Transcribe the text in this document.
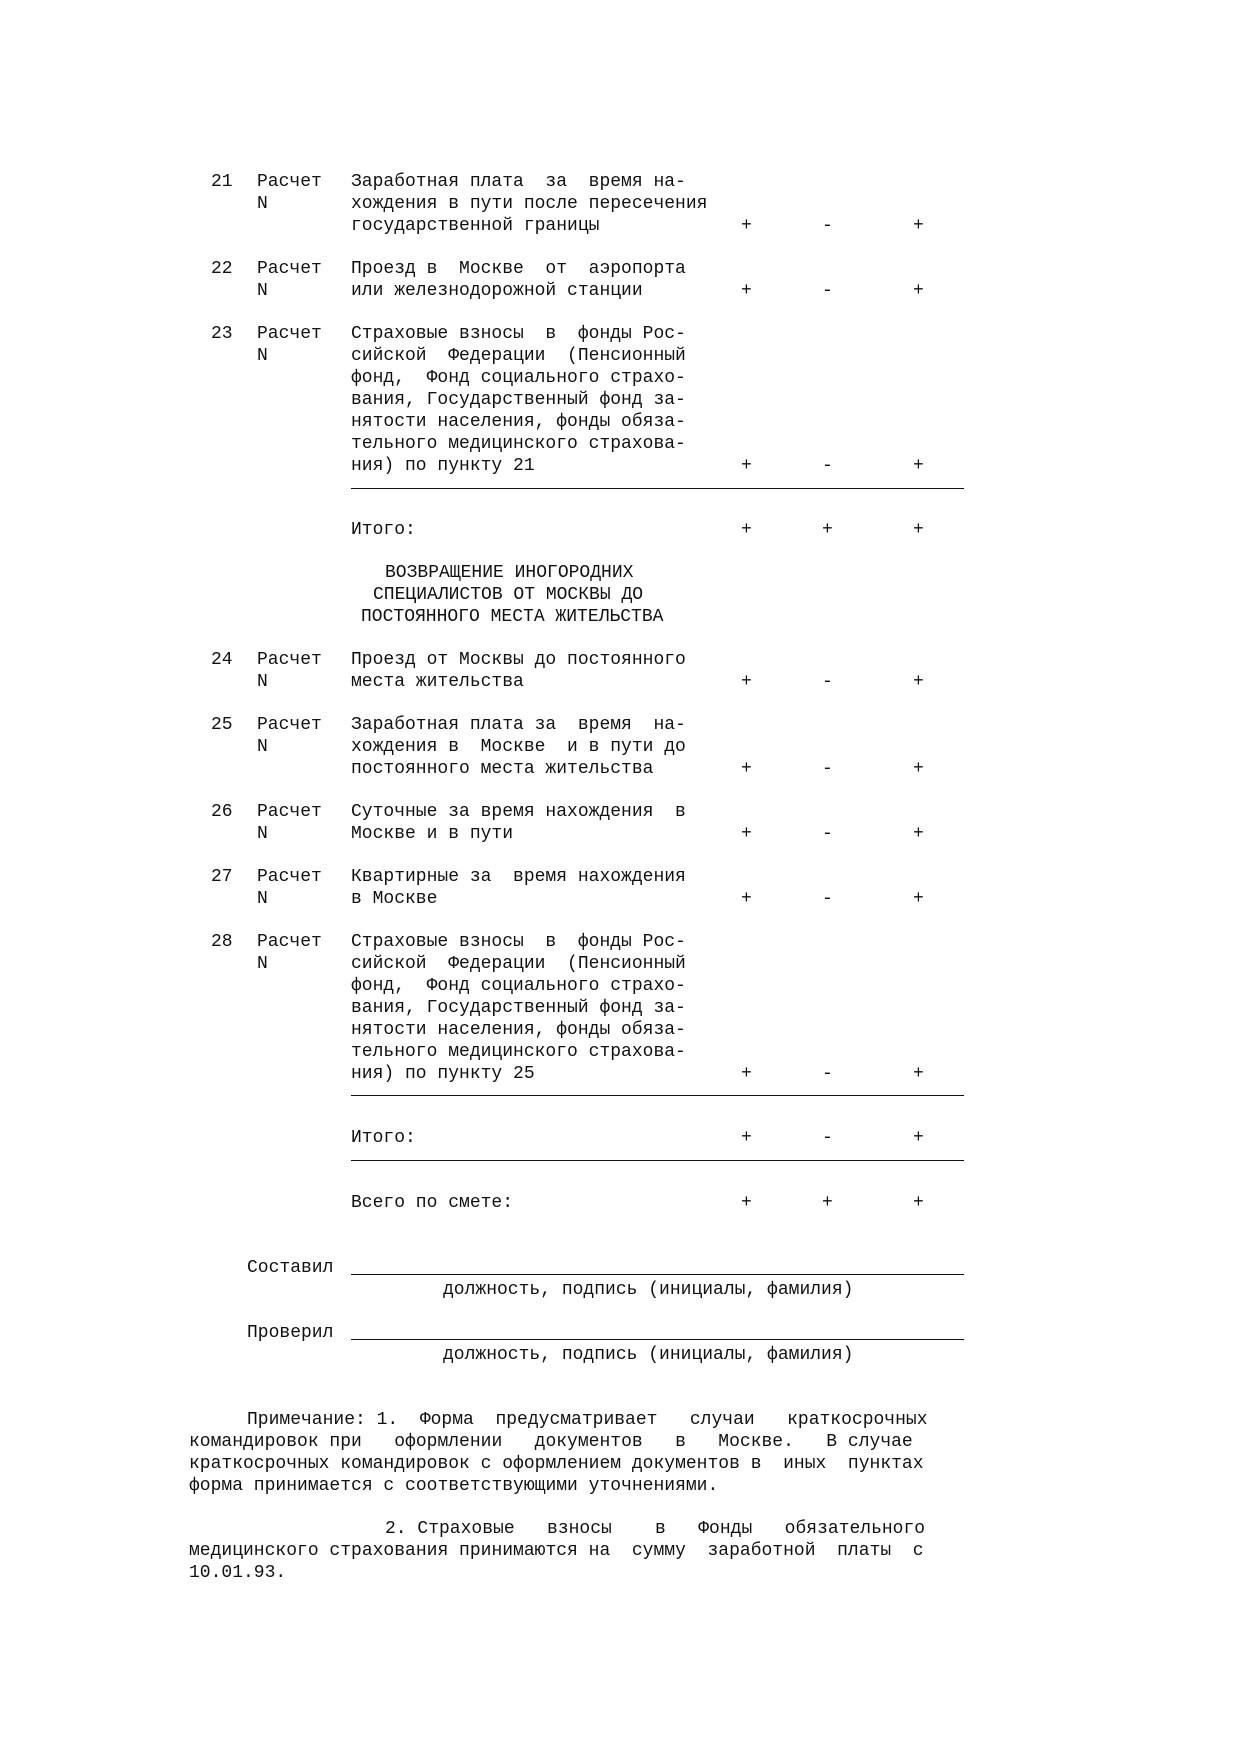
21 Расчет
N
Заработная плата  за  время на-
хождения в пути после пересечения
государственной границы	+	-	+
22 Расчет
N
Проезд в  Москве  от  аэропорта
или железнодорожной станции	+	-	+
23 Расчет
N
Страховые взносы  в  фонды Рос-
сийской  Федерации  (Пенсионный
фонд,  Фонд социального страхо-
вания, Государственный фонд за-
нятости населения, фонды обяза-
тельного медицинского страхова-
ния) по пункту 21	+	-	+
Итого:	+	+	+
ВОЗВРАЩЕНИЕ ИНОГОРОДНИХ
СПЕЦИАЛИСТОВ ОТ МОСКВЫ ДО
ПОСТОЯННОГО МЕСТА ЖИТЕЛЬСТВА
24 Расчет
N
Проезд от Москвы до постоянного
места жительства	+	-	+
25 Расчет
N
Заработная плата за  время  на-
хождения в  Москве  и в пути до
постоянного места жительства	+	-	+
26 Расчет
N
Суточные за время нахождения  в
Москве и в пути	+	-	+
27 Расчет
N
Квартирные за  время нахождения
в Москве	+	-	+
28 Расчет
N
Страховые взносы  в  фонды Рос-
сийской  Федерации  (Пенсионный
фонд,  Фонд социального страхо-
вания, Государственный фонд за-
нятости населения, фонды обяза-
тельного медицинского страхова-
ния) по пункту 25	+	-	+
Итого:	+	-	+
Всего по смете:	+	+	+
Составил
должность, подпись (инициалы, фамилия)
Проверил
должность, подпись (инициалы, фамилия)
Примечание: 1.  Форма  предусматривает   случаи   краткосрочных
командировок при   оформлении   документов   в   Москве.   В случае
краткосрочных командировок с оформлением документов в  иных  пунктах
форма принимается с соответствующими уточнениями.
2. Страховые   взносы    в   Фонды   обязательного
медицинского страхования принимаются на  сумму  заработной  платы  с
10.01.93.
